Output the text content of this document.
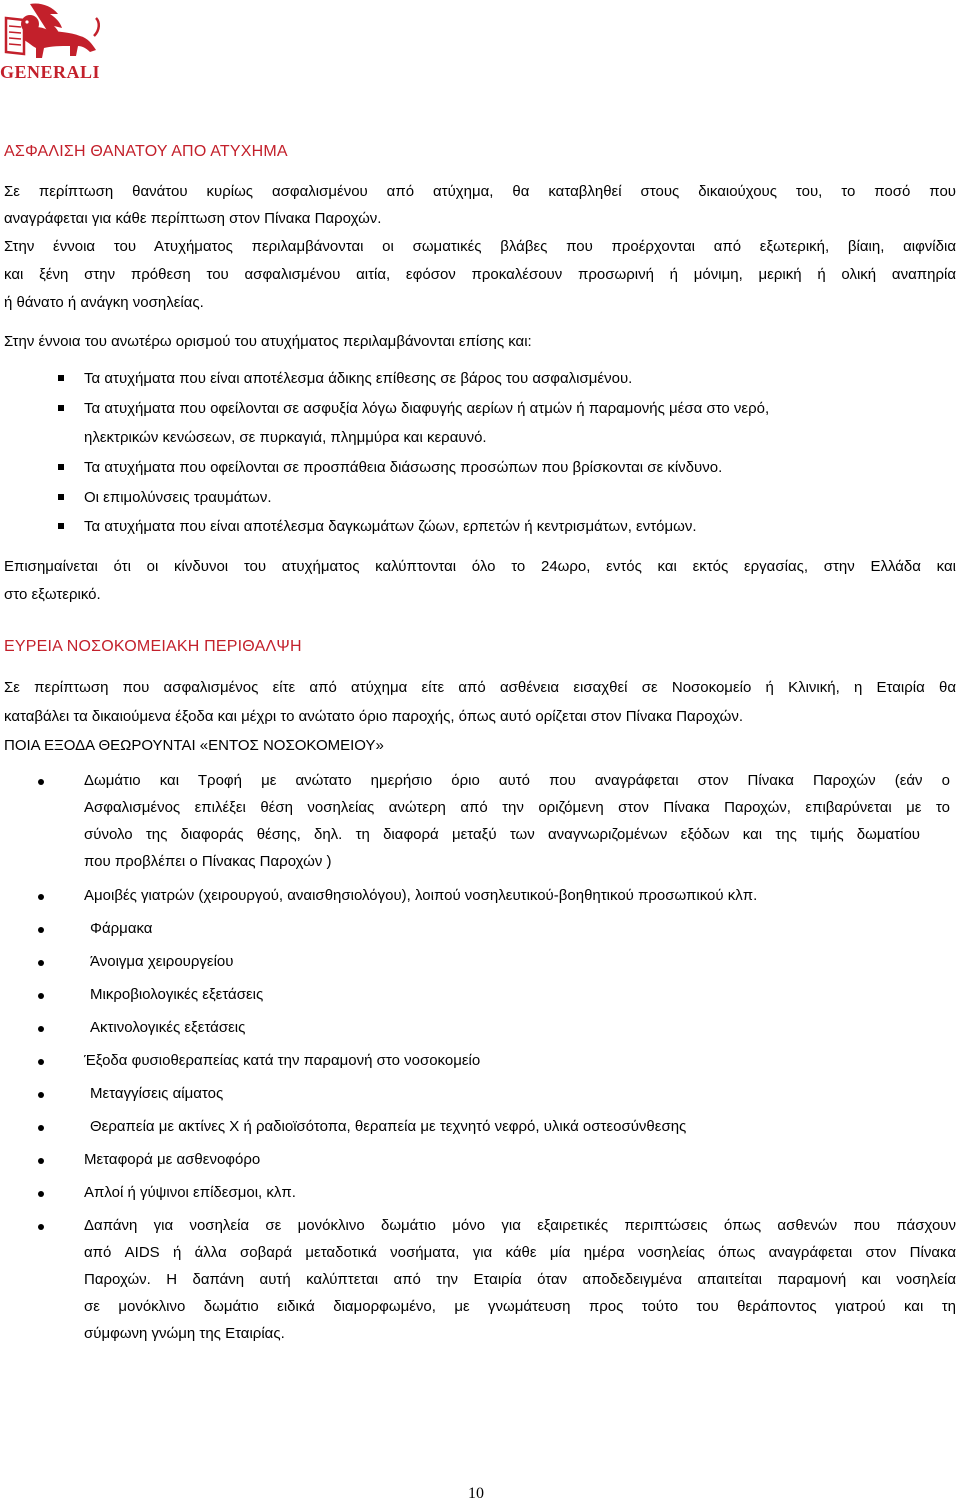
GENERALI
ΑΣΦΑΛΙΣΗ ΘΑΝΑΤΟΥ ΑΠΟ ΑΤΥΧΗΜΑ
Σε περίπτωση θανάτου κυρίως ασφαλισμένου από ατύχημα, θα καταβληθεί στους δικαιούχους του, το ποσό που
αναγράφεται για κάθε περίπτωση στον Πίνακα Παροχών.
Στην έννοια του Ατυχήματος περιλαμβάνονται οι σωματικές βλάβες που προέρχονται από εξωτερική, βίαιη, αιφνίδια
και ξένη στην πρόθεση του ασφαλισμένου αιτία, εφόσον προκαλέσουν προσωρινή ή μόνιμη, μερική ή ολική αναπηρία
ή θάνατο ή ανάγκη νοσηλείας.
Στην έννοια του ανωτέρω ορισμού του ατυχήματος περιλαμβάνονται επίσης και:
Τα ατυχήματα που είναι αποτέλεσμα άδικης επίθεσης σε βάρος του ασφαλισμένου.
Τα ατυχήματα που οφείλονται σε ασφυξία λόγω διαφυγής αερίων ή ατμών ή παραμονής μέσα στο νερό,
ηλεκτρικών κενώσεων, σε πυρκαγιά, πλημμύρα και κεραυνό.
Τα ατυχήματα που οφείλονται σε προσπάθεια διάσωσης προσώπων που βρίσκονται σε κίνδυνο.
Οι επιμολύνσεις τραυμάτων.
Τα ατυχήματα που είναι αποτέλεσμα δαγκωμάτων ζώων, ερπετών ή κεντρισμάτων, εντόμων.
Επισημαίνεται ότι οι κίνδυνοι του ατυχήματος καλύπτονται όλο το 24ωρο, εντός και εκτός εργασίας, στην Ελλάδα και
στο εξωτερικό.
ΕΥΡΕΙΑ ΝΟΣΟΚΟΜΕΙΑΚΗ ΠΕΡΙΘΑΛΨΗ
Σε περίπτωση που ασφαλισμένος είτε από ατύχημα είτε από ασθένεια εισαχθεί σε Νοσοκομείο ή Κλινική, η Εταιρία θα
καταβάλει τα δικαιούμενα έξοδα και μέχρι το ανώτατο όριο παροχής, όπως αυτό ορίζεται στον Πίνακα Παροχών.
ΠΟΙΑ ΕΞΟΔΑ ΘΕΩΡΟΥΝΤΑΙ «ΕΝΤΟΣ ΝΟΣΟΚΟΜΕΙΟΥ»
Δωμάτιο και Τροφή με ανώτατο ημερήσιο όριο αυτό που αναγράφεται στον Πίνακα Παροχών (εάν ο
Ασφαλισμένος επιλέξει θέση νοσηλείας ανώτερη από την οριζόμενη στον Πίνακα Παροχών, επιβαρύνεται με το
σύνολο της διαφοράς θέσης, δηλ. τη διαφορά μεταξύ των αναγνωριζομένων εξόδων και της τιμής δωματίου
που προβλέπει ο Πίνακας Παροχών )
Αμοιβές γιατρών (χειρουργού, αναισθησιολόγου), λοιπού νοσηλευτικού-βοηθητικού προσωπικού κλπ.
Φάρμακα
Άνοιγμα χειρουργείου
Μικροβιολογικές εξετάσεις
Ακτινολογικές εξετάσεις
Έξοδα φυσιοθεραπείας κατά την παραμονή στο νοσοκομείο
Μεταγγίσεις αίματος
Θεραπεία με ακτίνες Χ ή ραδιοϊσότοπα, θεραπεία με τεχνητό νεφρό, υλικά οστεοσύνθεσης
Μεταφορά με ασθενοφόρο
Απλοί ή γύψινοι επίδεσμοι, κλπ.
Δαπάνη για νοσηλεία σε μονόκλινο δωμάτιο μόνο για εξαιρετικές περιπτώσεις όπως ασθενών που πάσχουν
από AIDS ή άλλα σοβαρά μεταδοτικά νοσήματα, για κάθε μία ημέρα νοσηλείας όπως αναγράφεται στον Πίνακα
Παροχών. Η δαπάνη αυτή καλύπτεται από την Εταιρία όταν αποδεδειγμένα απαιτείται παραμονή και νοσηλεία
σε μονόκλινο δωμάτιο ειδικά διαμορφωμένο, με γνωμάτευση προς τούτο του θεράποντος γιατρού και τη
σύμφωνη γνώμη της Εταιρίας.
10
